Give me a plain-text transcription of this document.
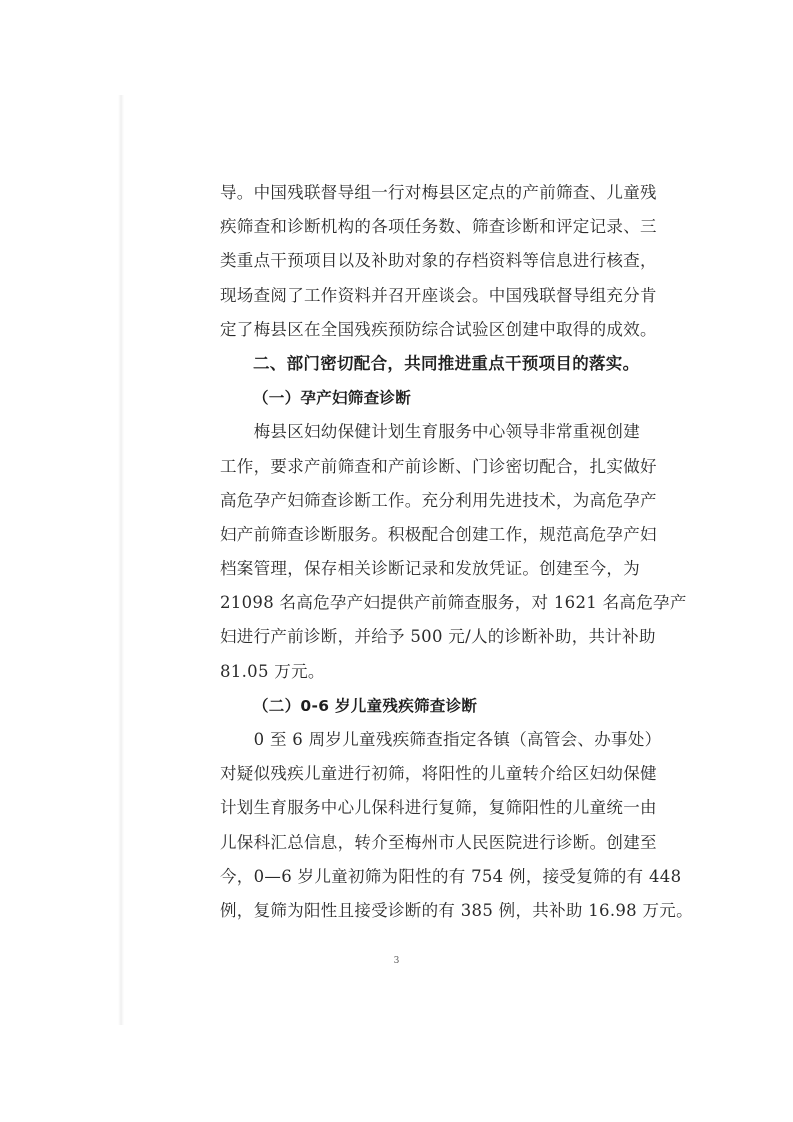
导。中国残联督导组一行对梅县区定点的产前筛查、儿童残
疾筛查和诊断机构的各项任务数、筛查诊断和评定记录、三
类重点干预项目以及补助对象的存档资料等信息进行核查，
现场查阅了工作资料并召开座谈会。中国残联督导组充分肯
定了梅县区在全国残疾预防综合试验区创建中取得的成效。
二、部门密切配合，共同推进重点干预项目的落实。
（一）孕产妇筛查诊断
　　梅县区妇幼保健计划生育服务中心领导非常重视创建
工作，要求产前筛查和产前诊断、门诊密切配合，扎实做好
高危孕产妇筛查诊断工作。充分利用先进技术，为高危孕产
妇产前筛查诊断服务。积极配合创建工作，规范高危孕产妇
档案管理，保存相关诊断记录和发放凭证。创建至今，为
21098 名高危孕产妇提供产前筛查服务，对 1621 名高危孕产
妇进行产前诊断，并给予 500 元/人的诊断补助，共计补助
81.05 万元。
（二）0-6 岁儿童残疾筛查诊断
　　0 至 6 周岁儿童残疾筛查指定各镇（高管会、办事处）
对疑似残疾儿童进行初筛，将阳性的儿童转介给区妇幼保健
计划生育服务中心儿保科进行复筛，复筛阳性的儿童统一由
儿保科汇总信息，转介至梅州市人民医院进行诊断。创建至
今，0—6 岁儿童初筛为阳性的有 754 例，接受复筛的有 448
例，复筛为阳性且接受诊断的有 385 例，共补助 16.98 万元。
3
